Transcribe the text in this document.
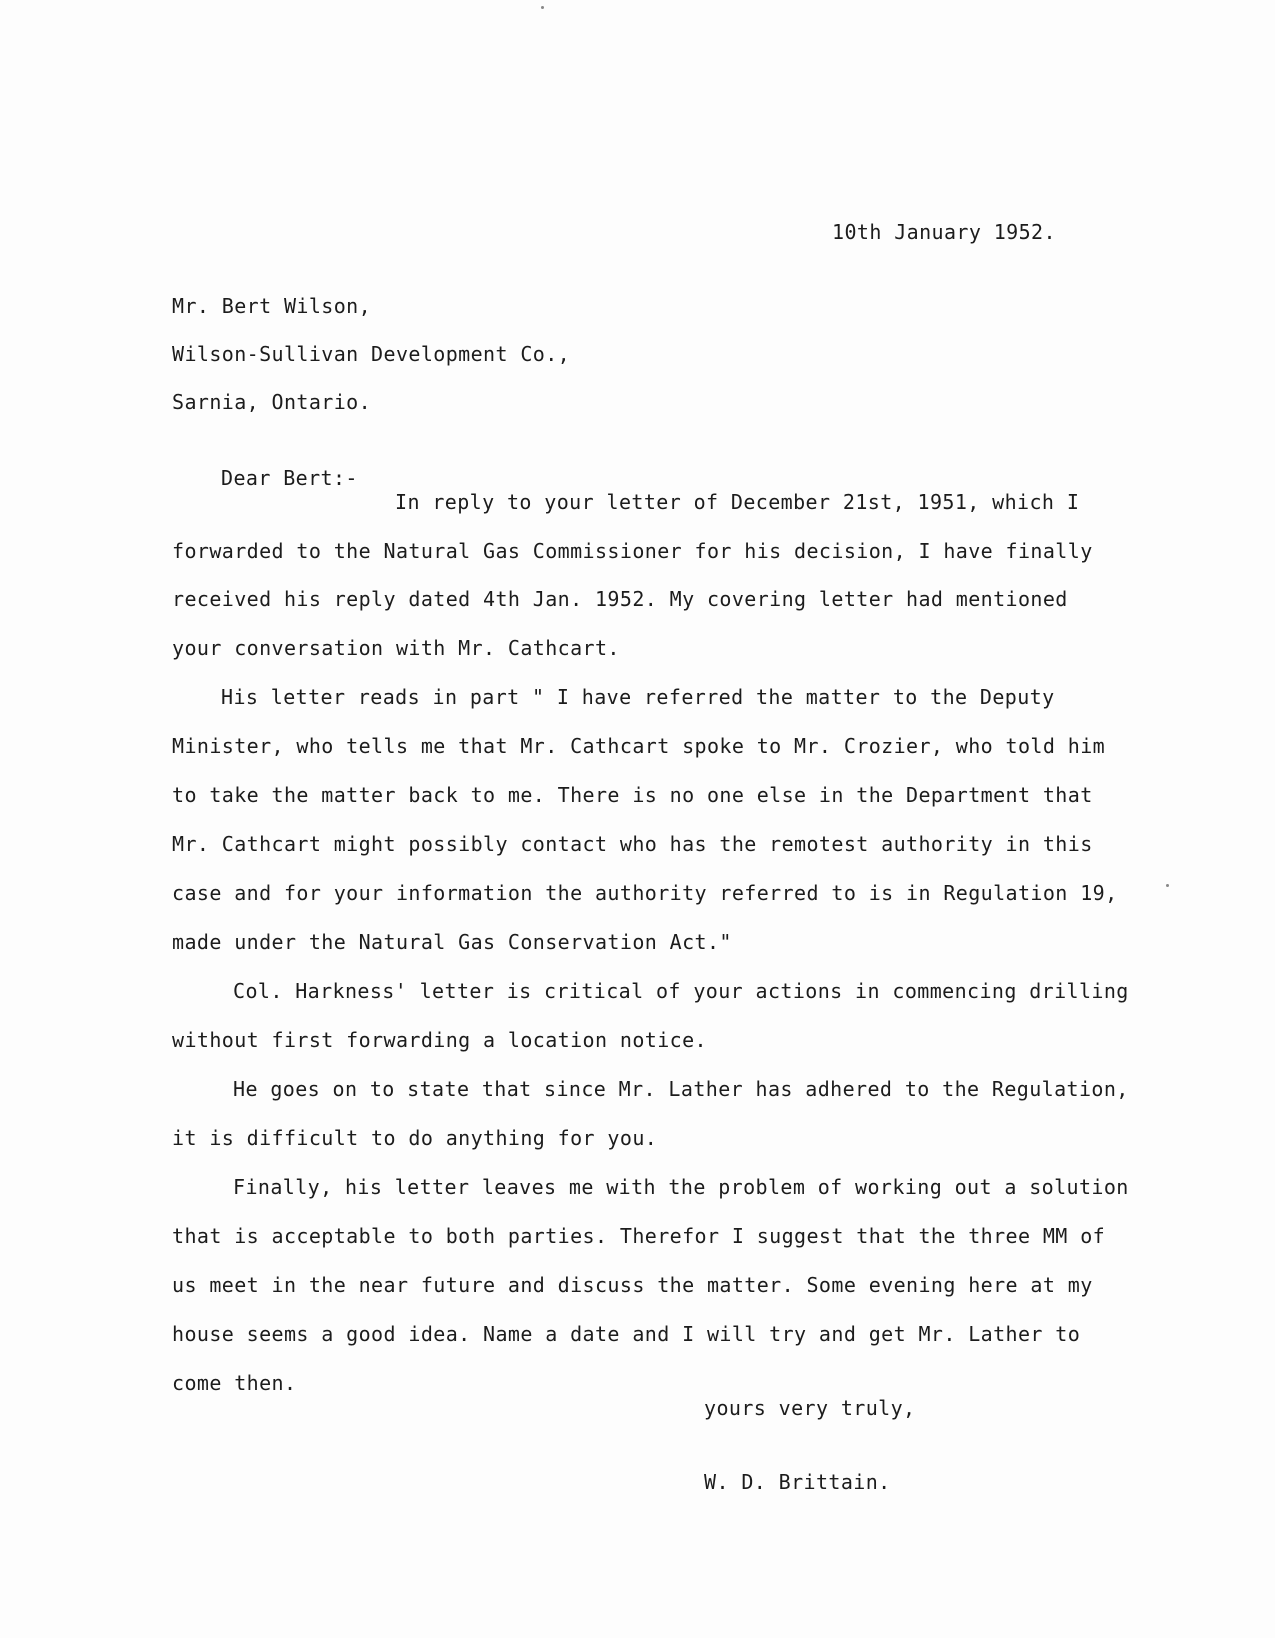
10th January 1952.
Mr. Bert Wilson,
Wilson-Sullivan Development Co.,
Sarnia, Ontario.
Dear Bert:-
In reply to your letter of December 21st, 1951, which I
forwarded to the Natural Gas Commissioner for his decision, I have finally
received his reply dated 4th Jan. 1952. My covering letter had mentioned
your conversation with Mr. Cathcart.
His letter reads in part " I have referred the matter to the Deputy
Minister, who tells me that Mr. Cathcart spoke to Mr. Crozier, who told him
to take the matter back to me. There is no one else in the Department that
Mr. Cathcart might possibly contact who has the remotest authority in this
case and for your information the authority referred to is in Regulation 19,
made under the Natural Gas Conservation Act."
Col. Harkness' letter is critical of your actions in commencing drilling
without first forwarding a location notice.
He goes on to state that since Mr. Lather has adhered to the Regulation,
it is difficult to do anything for you.
Finally, his letter leaves me with the problem of working out a solution
that is acceptable to both parties. Therefor I suggest that the three MM of
us meet in the near future and discuss the matter. Some evening here at my
house seems a good idea. Name a date and I will try and get Mr. Lather to
come then.
yours very truly,
W. D. Brittain.
